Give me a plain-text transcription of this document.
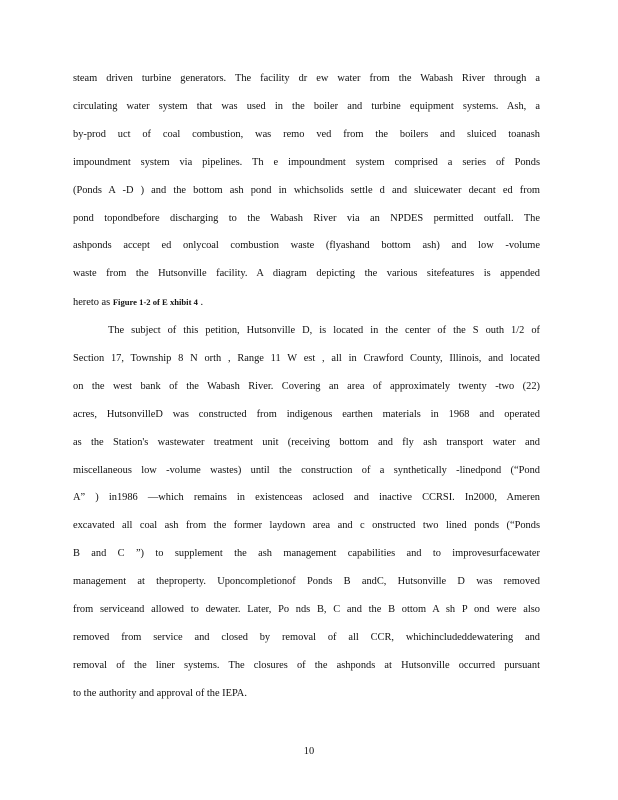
steam driven turbine generators. The facility dr ew water from the Wabash River through a
circulating water system that was used in the boiler and turbine equipment systems. Ash, a
by-prod uct of coal combustion, was remo ved from the boilers and sluiced toanash
impoundment system via pipelines. Th e impoundment system comprised a series of Ponds
(Ponds A -D ) and the bottom ash pond in whichsolids settle d and sluicewater decant ed from
pond topondbefore discharging to the Wabash River via an NPDES permitted outfall. The
ashponds accept ed onlycoal combustion waste (flyashand bottom ash) and low -volume
waste from the Hutsonville facility. A diagram depicting the various sitefeatures is appended
hereto as Figure 1-2 of E xhibit 4 .
The subject of this petition, Hutsonville D, is located in the center of the S outh 1/2 of
Section 17, Township 8 N orth , Range 11 W est , all in Crawford County, Illinois, and located
on the west bank of the Wabash River. Covering an area of approximately twenty -two (22)
acres, HutsonvilleD was constructed from indigenous earthen materials in 1968 and operated
as the Station's wastewater treatment unit (receiving bottom and fly ash transport water and
miscellaneous low -volume wastes) until the construction of a synthetically -linedpond (“Pond
A” ) in1986 —which remains in existenceas aclosed and inactive CCRSI. In2000, Ameren
excavated all coal ash from the former laydown area and c onstructed two lined ponds (“Ponds
B and C ”) to supplement the ash management capabilities and to improvesurfacewater
management at theproperty. Uponcompletionof Ponds B andC, Hutsonville D was removed
from serviceand allowed to dewater. Later, Po nds B, C and the B ottom A sh P ond were also
removed from service and closed by removal of all CCR, whichincludeddewatering and
removal of the liner systems. The closures of the ashponds at Hutsonville occurred pursuant
to the authority and approval of the IEPA.
10
